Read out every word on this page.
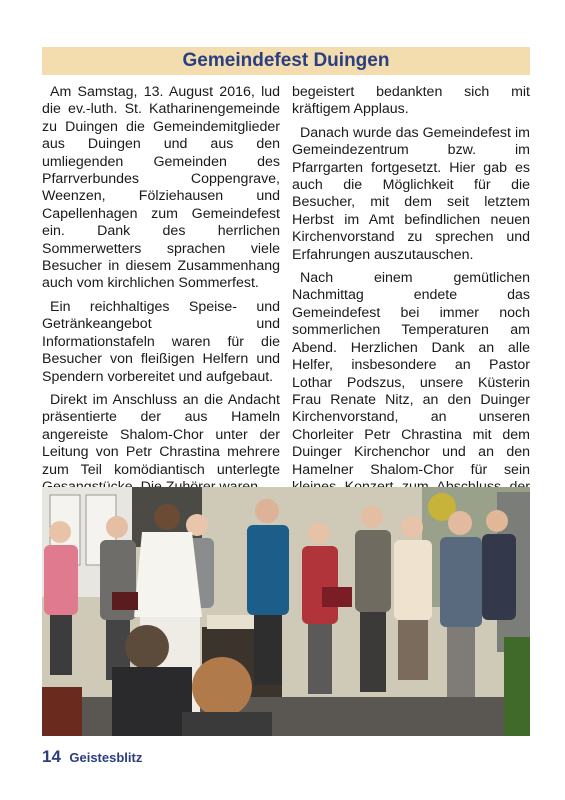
Gemeindefest Duingen

Am Samstag, 13. August 2016, lud die ev.-luth. St. Katharinengemeinde zu Duingen die Gemeindemitglieder aus Duingen und aus den umliegenden Gemeinden des Pfarrverbundes Coppengrave, Weenzen, Fölziehausen und Capellenhagen zum Gemeindefest ein. Dank des herrlichen Sommerwetters sprachen viele Besucher in diesem Zusammenhang auch vom kirchlichen Sommerfest.

Ein reichhaltiges Speise- und Getränkeangebot und Informationstafeln waren für die Besucher von fleißigen Helfern und Spendern vorbereitet und aufgebaut.

Direkt im Anschluss an die Andacht präsentierte der aus Hameln angereiste Shalom-Chor unter der Leitung von Petr Chrastina mehrere zum Teil komödiantisch unterlegte

begeistert bedankten sich mit kräftigem Applaus.

Danach wurde das Gemeindefest im Gemeindezentrum bzw. im Pfarrgarten fortgesetzt. Hier gab es auch die Möglichkeit für die Besucher, mit dem seit letztem Herbst im Amt befindlichen neuen Kirchenvorstand zu sprechen und Erfahrungen auszutauschen.

Nach einem gemütlichen Nachmittag endete das Gemeindefest bei immer noch sommerlichen Temperaturen am Abend. Herzlichen Dank an alle Helfer, insbesondere an Pastor Lothar Podszus, unsere Küsterin Frau Renate Nitz, an den Duinger Kirchenvorstand, an unseren Chorleiter Petr Chrastina mit dem Duinger Kirchenchor und an den Hamelner Shalom-Chor für sein

14 Geistesblitz
